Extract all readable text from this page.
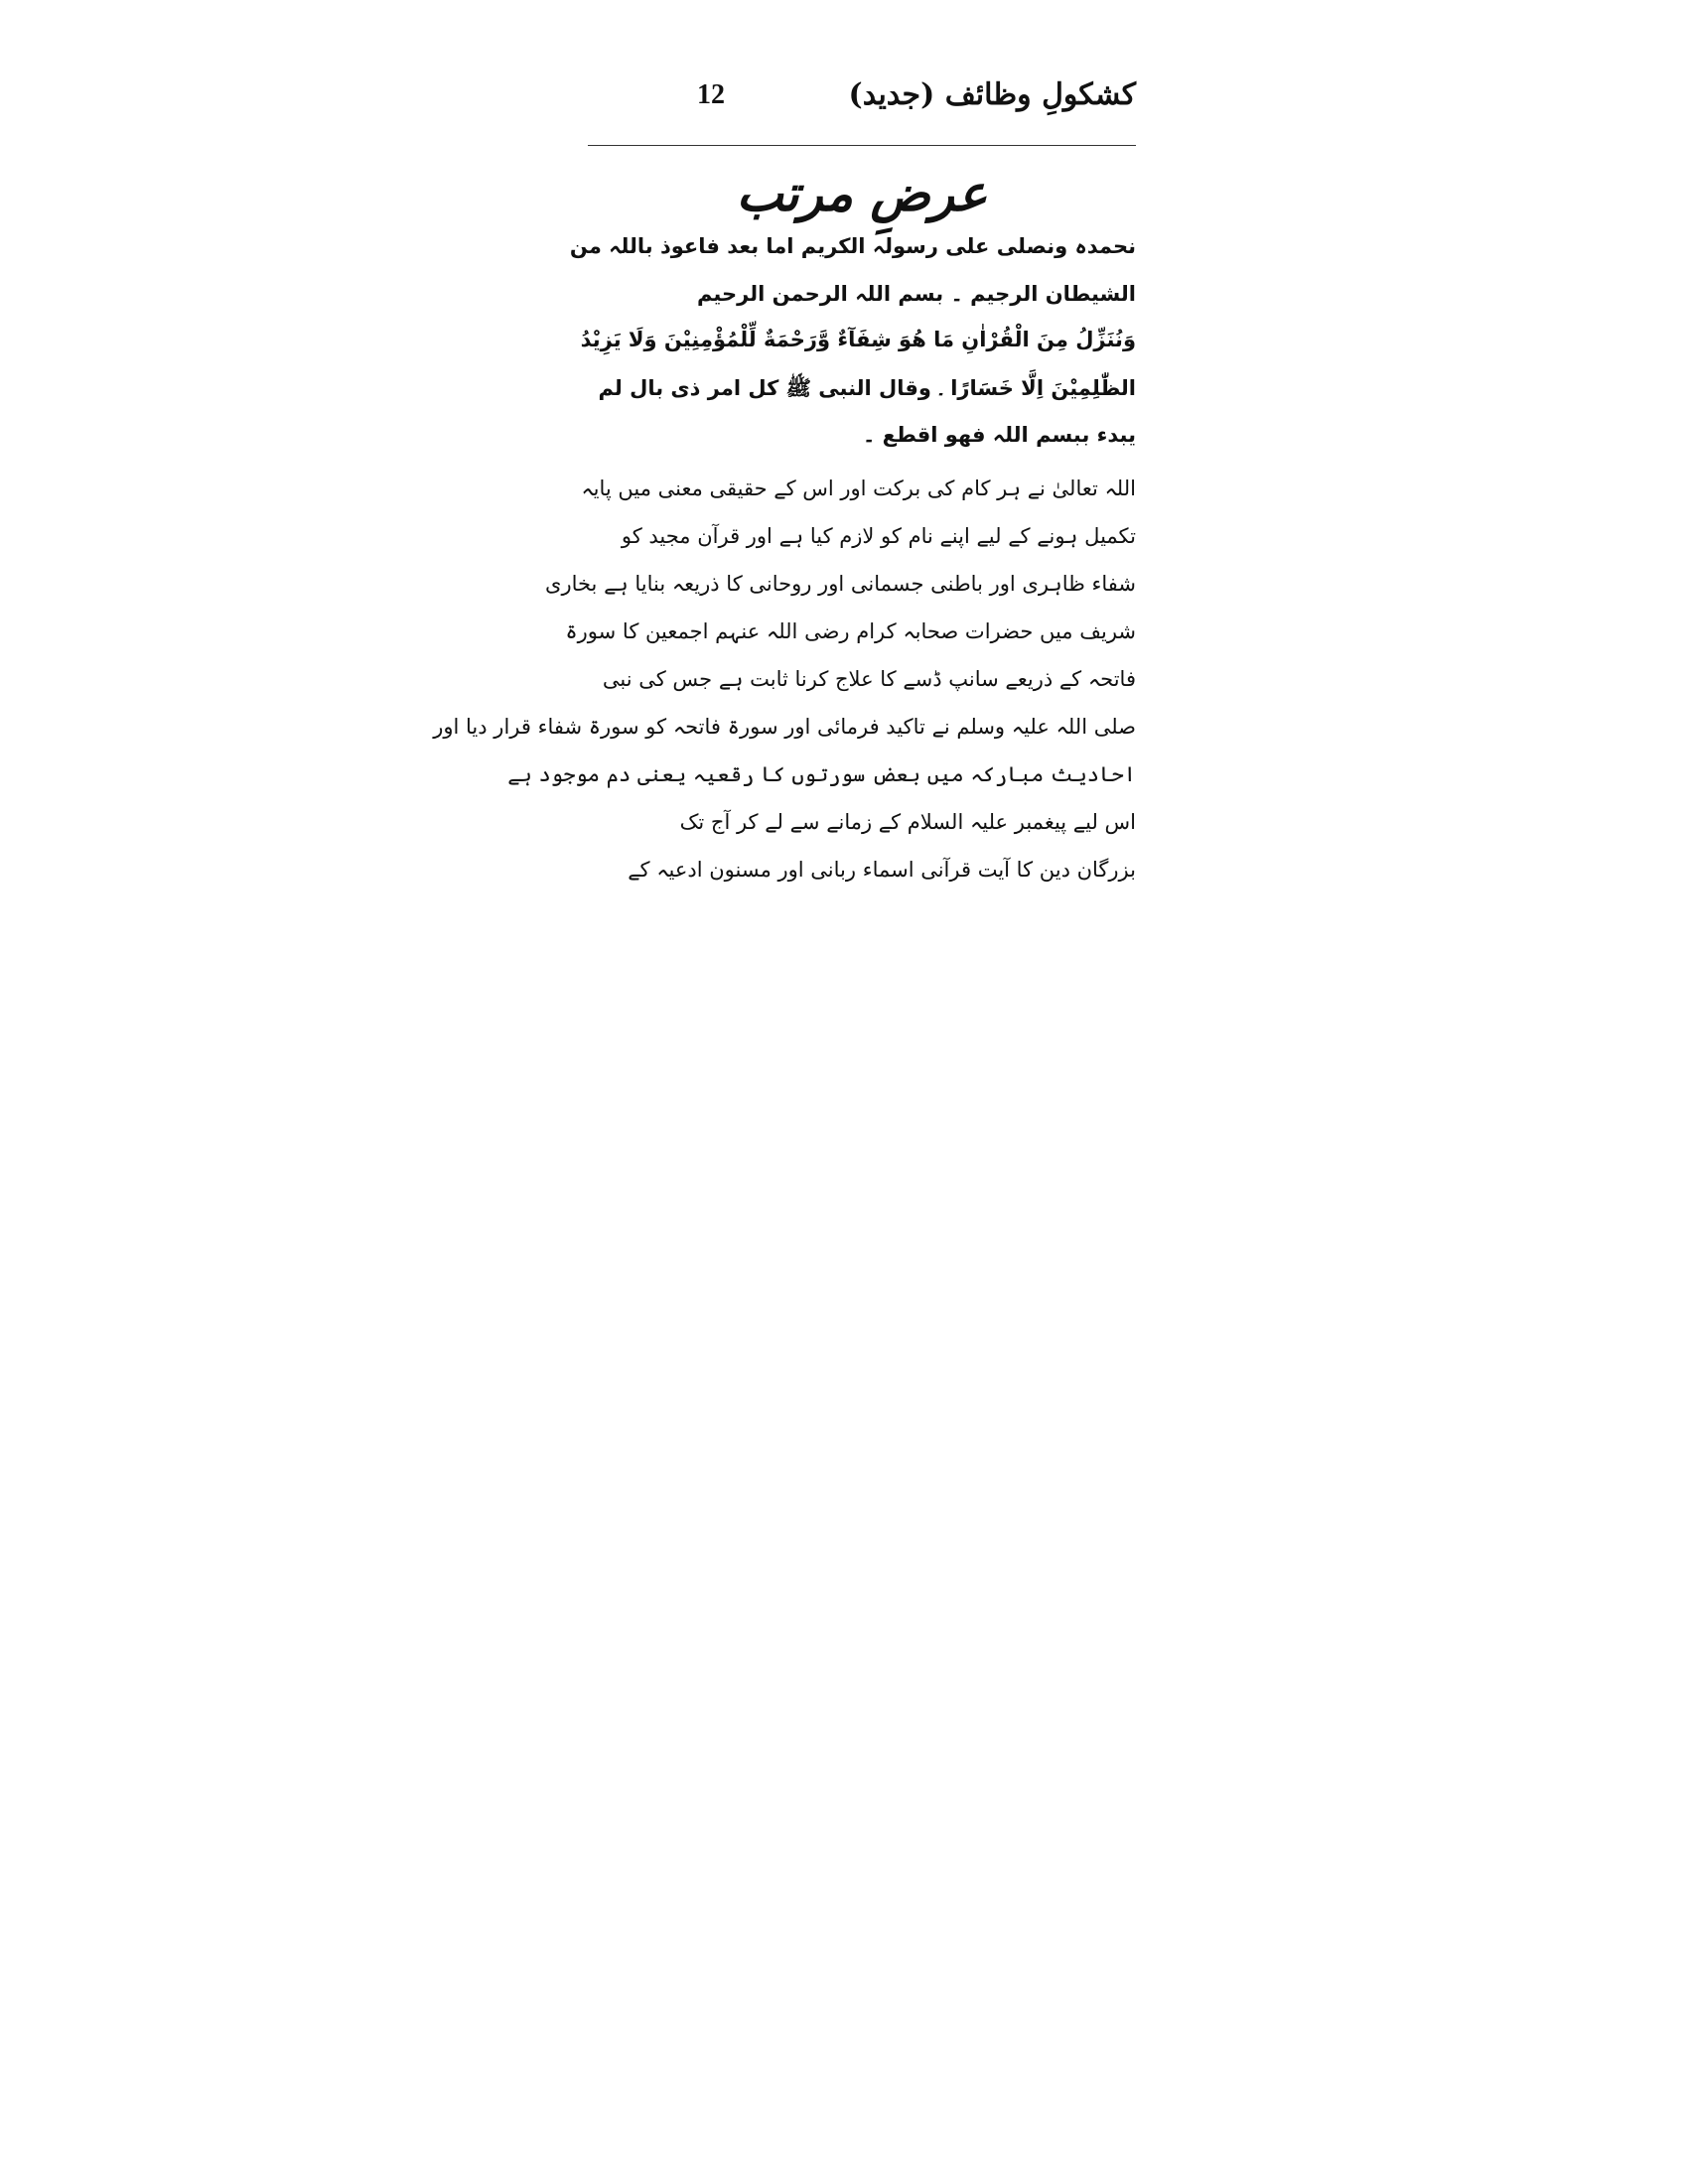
کشکولِ وظائف (جدید)
12
عرضِ مرتب
نحمدہ ونصلی علی رسولہ الکریم اما بعد فاعوذ باللہ من
الشیطان الرجیم ۔ بسم اللہ الرحمن الرحیم
وَنُنَزِّلُ مِنَ الْقُرْاٰنِ مَا هُوَ شِفَآءٌ وَّرَحْمَةٌ لِّلْمُؤْمِنِيْنَ وَلَا يَزِيْدُ
الظّٰلِمِيْنَ اِلَّا خَسَارًا ۔ وقال النبی ﷺ کل امر ذی بال لم
یبدء ببسم اللہ فھو اقطع ۔
اللہ تعالیٰ نے ہر کام کی برکت اور اس کے حقیقی معنی میں پایہ
تکمیل ہونے کے لیے اپنے نام کو لازم کیا ہے اور قرآن مجید کو
شفاء ظاہری اور باطنی جسمانی اور روحانی کا ذریعہ بنایا ہے بخاری
شریف میں حضرات صحابہ کرام رضی اللہ عنہم اجمعین کا سورۃ
فاتحہ کے ذریعے سانپ ڈسے کا علاج کرنا ثابت ہے جس کی نبی
صلی اللہ علیہ وسلم نے تاکید فرمائی اور سورۃ فاتحہ کو سورۃ شفاء قرار دیا اور
احادیث مبارکہ میں بعض سورتوں کا رقعیہ یعنی دم موجود ہے
اس لیے پیغمبر علیہ السلام کے زمانے سے لے کر آج تک
بزرگان دین کا آیت قرآنی اسماء ربانی اور مسنون ادعیہ کے
